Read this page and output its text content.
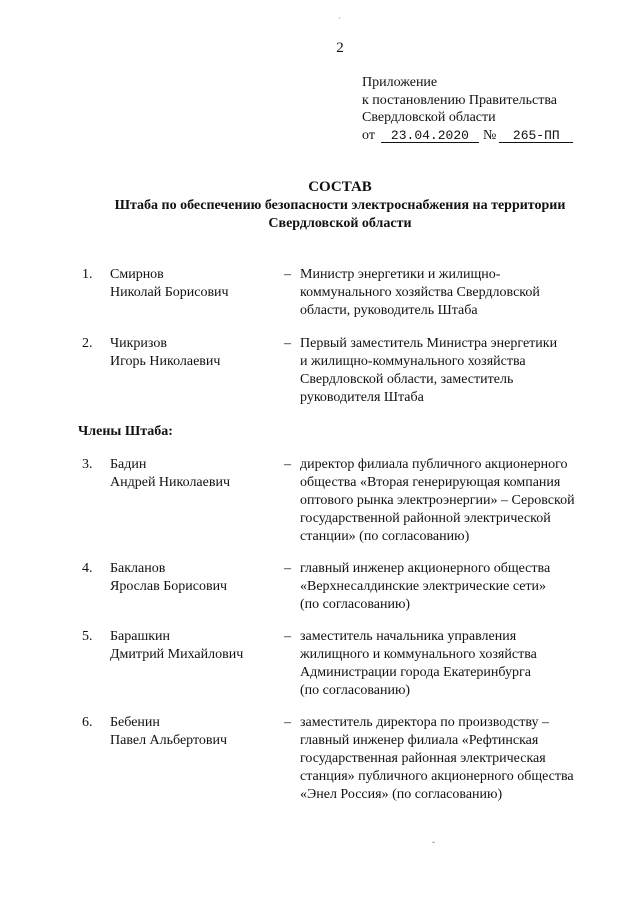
2
Приложение
к постановлению Правительства
Свердловской области
от 23.04.2020 № 265-ПП
СОСТАВ
Штаба по обеспечению безопасности электроснабжения на территории
Свердловской области
1. Смирнов
Николай Борисович
– Министр энергетики и жилищно-
коммунального хозяйства Свердловской
области, руководитель Штаба
2. Чикризов
Игорь Николаевич
– Первый заместитель Министра энергетики
и жилищно-коммунального хозяйства
Свердловской области, заместитель
руководителя Штаба
Члены Штаба:
3. Бадин
Андрей Николаевич
– директор филиала публичного акционерного
общества «Вторая генерирующая компания
оптового рынка электроэнергии» – Серовской
государственной районной электрической
станции» (по согласованию)
4. Бакланов
Ярослав Борисович
– главный инженер акционерного общества
«Верхнесалдинские электрические сети»
(по согласованию)
5. Барашкин
Дмитрий Михайлович
– заместитель начальника управления
жилищного и коммунального хозяйства
Администрации города Екатеринбурга
(по согласованию)
6. Бебенин
Павел Альбертович
– заместитель директора по производству –
главный инженер филиала «Рефтинская
государственная районная электрическая
станция» публичного акционерного общества
«Энел Россия» (по согласованию)
ˊ
ˇ
